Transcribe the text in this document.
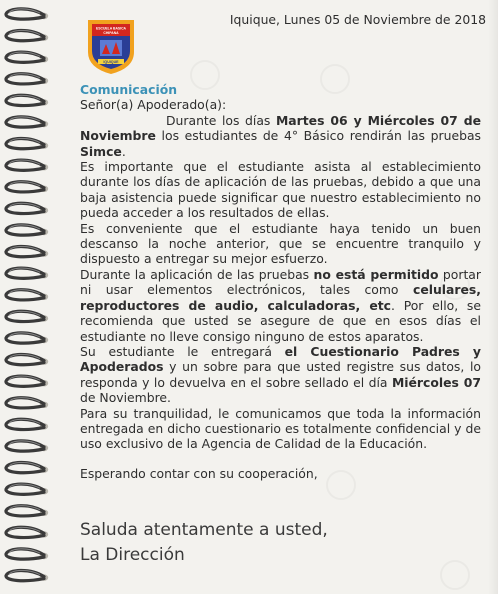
ESCUELA BASICA
CHIPANA
IQUIQUE
Iquique, Lunes 05 de Noviembre de 2018
Comunicación

Señor(a) Apoderado(a):

Durante los días Martes 06 y Miércoles 07 de Noviembre los estudiantes de 4° Básico rendirán las pruebas Simce.

Es importante que el estudiante asista al establecimiento durante los días de aplicación de las pruebas, debido a que una baja asistencia puede significar que nuestro establecimiento no pueda acceder a los resultados de ellas.

Es conveniente que el estudiante haya tenido un buen descanso la noche anterior, que se encuentre tranquilo y dispuesto a entregar su mejor esfuerzo.

Durante la aplicación de las pruebas no está permitido portar ni usar elementos electrónicos, tales como celulares, reproductores de audio, calculadoras, etc. Por ello, se recomienda que usted se asegure de que en esos días el estudiante no lleve consigo ninguno de estos aparatos.

Su estudiante le entregará el Cuestionario Padres y Apoderados y un sobre para que usted registre sus datos, lo responda y lo devuelva en el sobre sellado el día Miércoles 07 de Noviembre.

Para su tranquilidad, le comunicamos que toda la información entregada en dicho cuestionario es totalmente confidencial y de uso exclusivo de la Agencia de Calidad de la Educación.

Esperando contar con su cooperación,

Saluda atentamente a usted,
La Dirección
